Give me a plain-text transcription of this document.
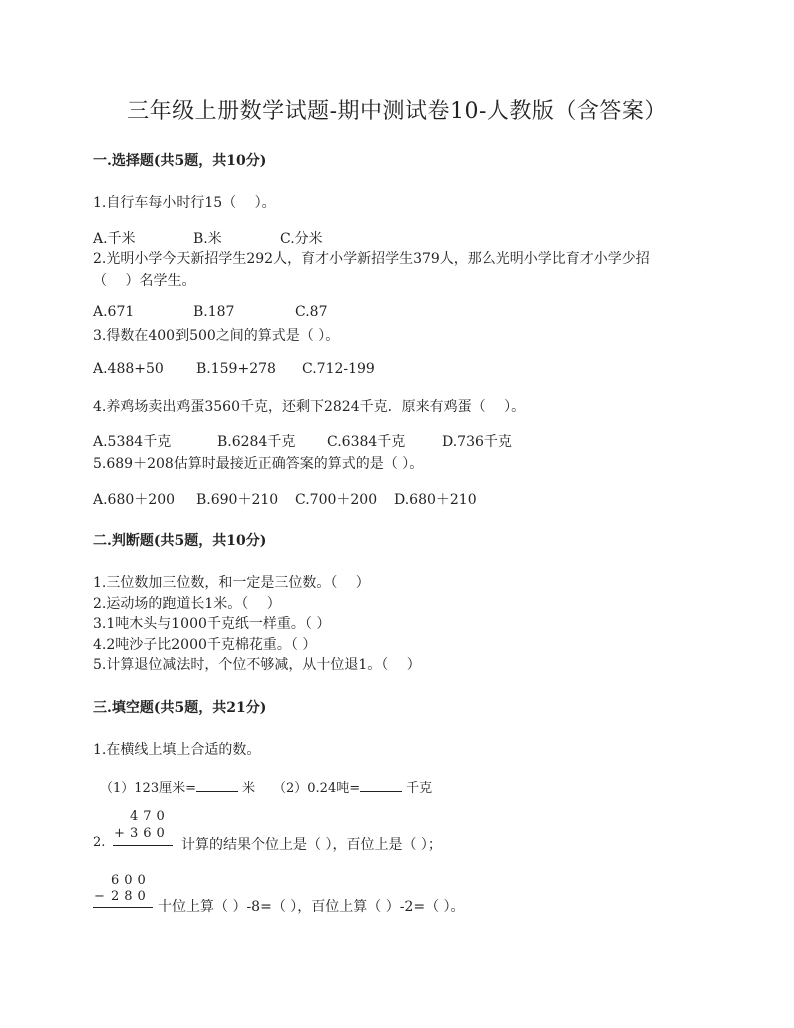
三年级上册数学试题-期中测试卷10-人教版（含答案）
一.选择题(共5题，共10分)
1.自行车每小时行15（　 ）。
A.千米	B.米	C.分米
2.光明小学今天新招学生292人，育才小学新招学生379人，那么光明小学比育才小学少招
（　 ）名学生。
A.671	B.187	C.87
3.得数在400到500之间的算式是（ ）。
A.488+50 B.159+278 C.712-199
4.养鸡场卖出鸡蛋3560千克，还剩下2824千克．原来有鸡蛋（　 ）。
A.5384千克	B.6284千克 C.6384千克	D.736千克
5.689＋208估算时最接近正确答案的算式的是（ ）。
A.680＋200 B.690＋210 C.700＋200 D.680＋210
二.判断题(共5题，共10分)
1.三位数加三位数，和一定是三位数。（　 ）
2.运动场的跑道长1米。（　 ）
3.1吨木头与1000千克纸一样重。（ ）
4.2吨沙子比2000千克棉花重。（ ）
5.计算退位减法时，个位不够减，从十位退1。（　 ）
三.填空题(共5题，共21分)
1.在横线上填上合适的数。
（1）123厘米=	米 （2）0.24吨=	千克
2.
470
+ 360
计算的结果个位上是（ ），百位上是（ ）；
600
− 280
十位上算（ ）-8=（ ），百位上算（ ）-2=（ ）。
